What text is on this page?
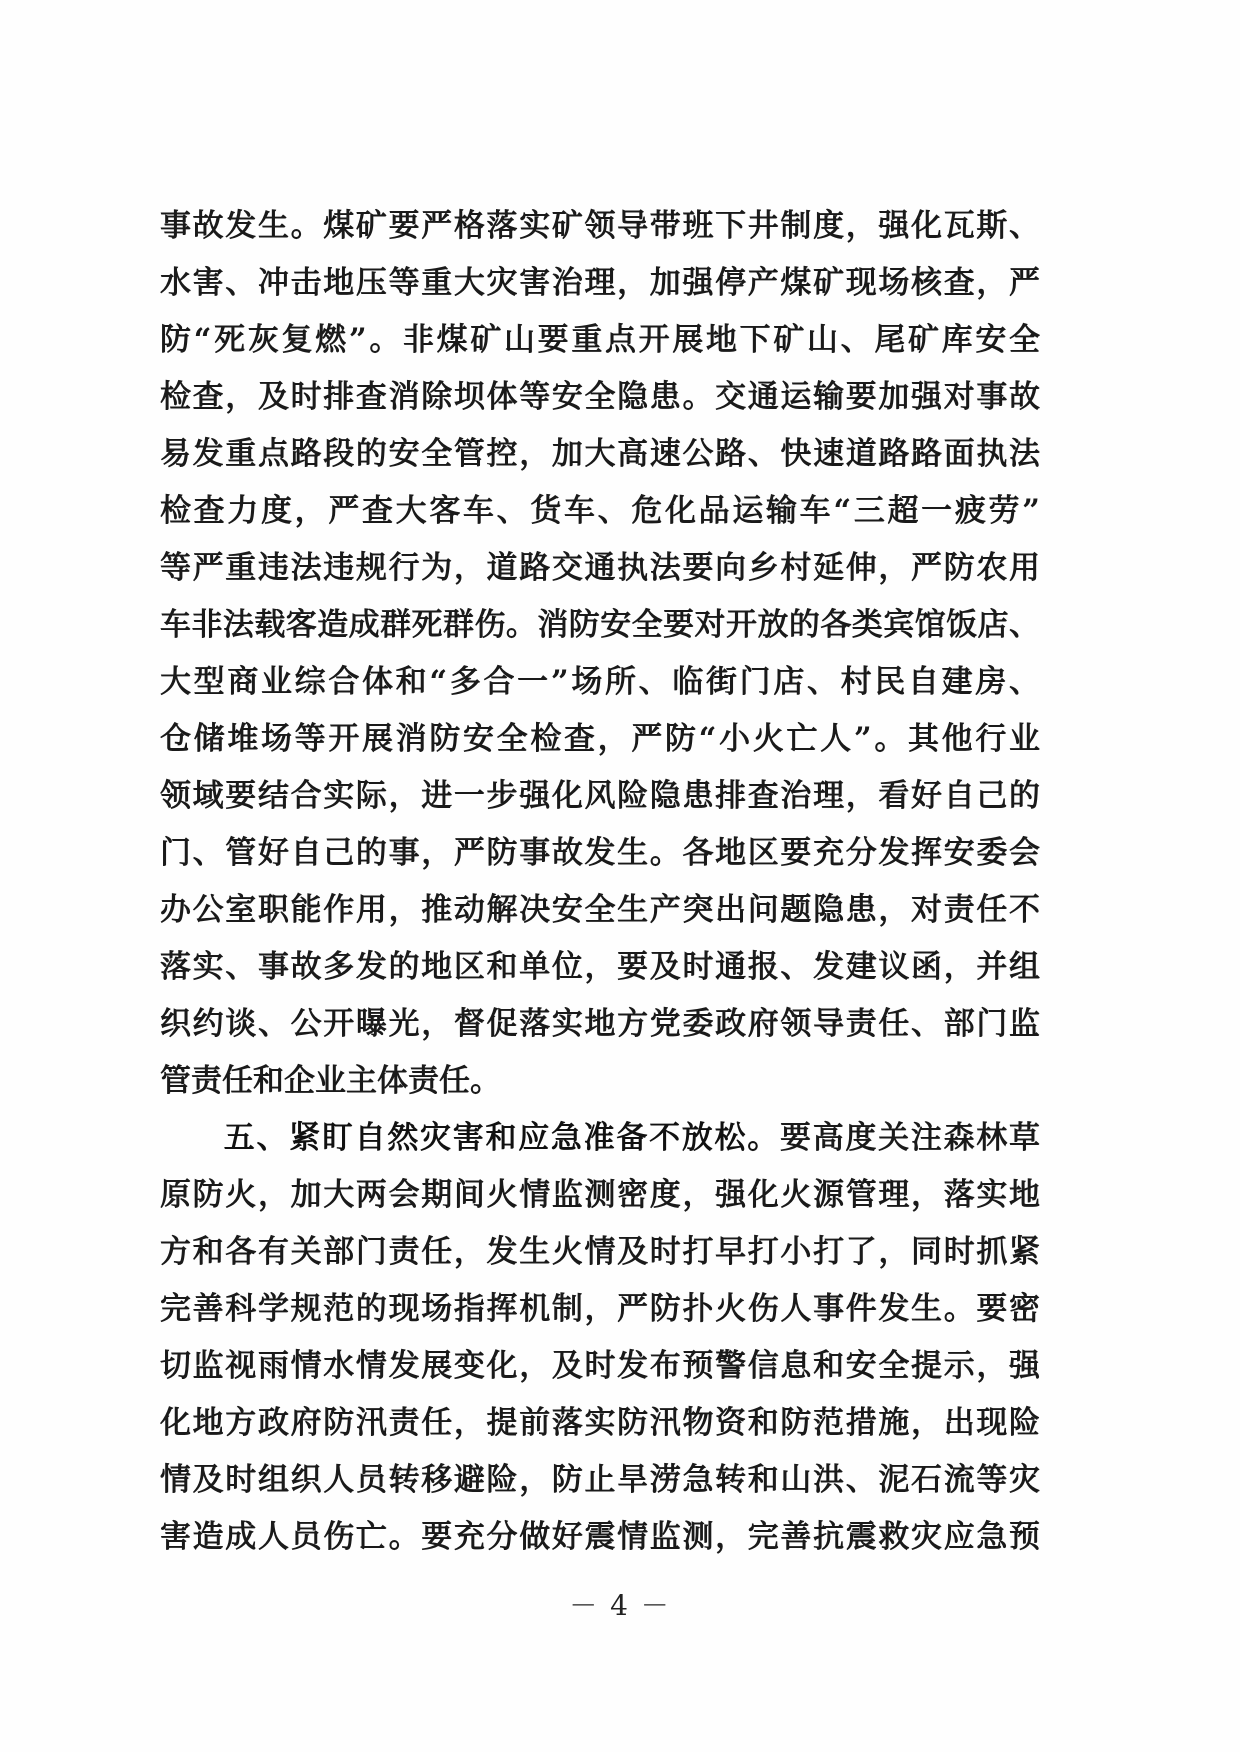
事故发生。煤矿要严格落实矿领导带班下井制度，强化瓦斯、
水害、冲击地压等重大灾害治理，加强停产煤矿现场核查，严
防“死灰复燃”。非煤矿山要重点开展地下矿山、尾矿库安全
检查，及时排查消除坝体等安全隐患。交通运输要加强对事故
易发重点路段的安全管控，加大高速公路、快速道路路面执法
检查力度，严查大客车、货车、危化品运输车“三超一疲劳”
等严重违法违规行为，道路交通执法要向乡村延伸，严防农用
车非法载客造成群死群伤。消防安全要对开放的各类宾馆饭店、
大型商业综合体和“多合一”场所、临街门店、村民自建房、
仓储堆场等开展消防安全检查，严防“小火亡人”。其他行业
领域要结合实际，进一步强化风险隐患排查治理，看好自己的
门、管好自己的事，严防事故发生。各地区要充分发挥安委会
办公室职能作用，推动解决安全生产突出问题隐患，对责任不
落实、事故多发的地区和单位，要及时通报、发建议函，并组
织约谈、公开曝光，督促落实地方党委政府领导责任、部门监
管责任和企业主体责任。
五、紧盯自然灾害和应急准备不放松。要高度关注森林草
原防火，加大两会期间火情监测密度，强化火源管理，落实地
方和各有关部门责任，发生火情及时打早打小打了，同时抓紧
完善科学规范的现场指挥机制，严防扑火伤人事件发生。要密
切监视雨情水情发展变化，及时发布预警信息和安全提示，强
化地方政府防汛责任，提前落实防汛物资和防范措施，出现险
情及时组织人员转移避险，防止旱涝急转和山洪、泥石流等灾
害造成人员伤亡。要充分做好震情监测，完善抗震救灾应急预
－ 4 －
